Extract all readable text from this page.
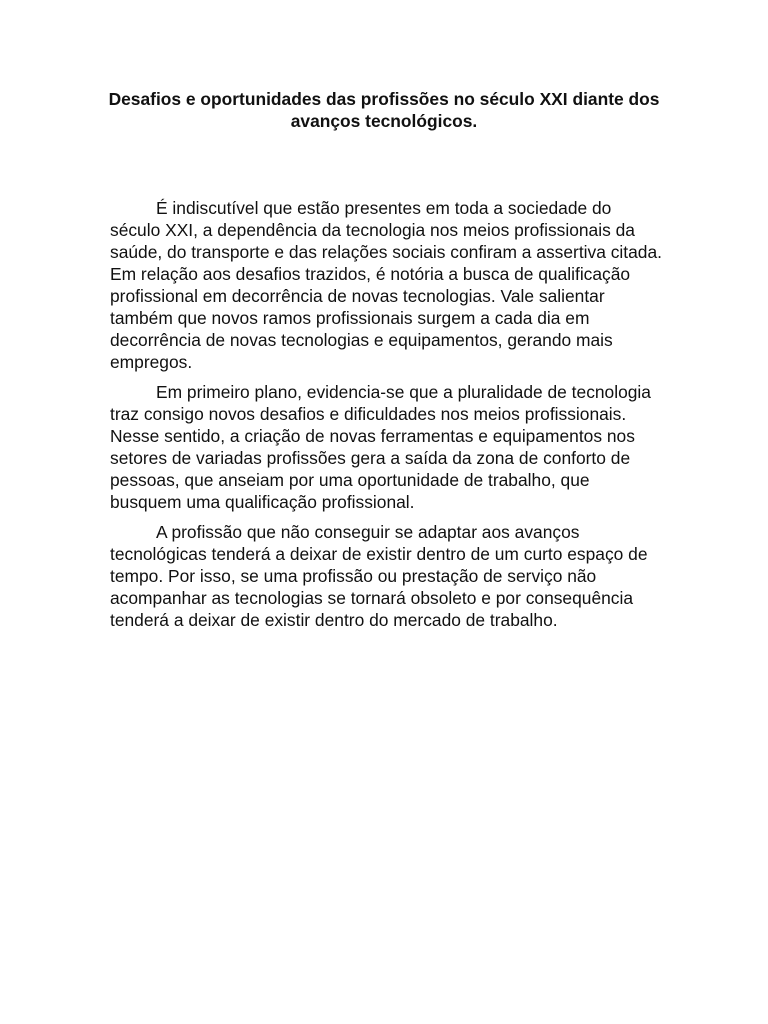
Desafios e oportunidades das profissões no século XXI diante dos avanços tecnológicos.

É indiscutível que estão presentes em toda a sociedade do século XXI, a dependência da tecnologia nos meios profissionais da saúde, do transporte e das relações sociais confiram a assertiva citada. Em relação aos desafios trazidos, é notória a busca de qualificação profissional em decorrência de novas tecnologias. Vale salientar também que novos ramos profissionais surgem a cada dia em decorrência de novas tecnologias e equipamentos, gerando mais empregos.

Em primeiro plano, evidencia-se que a pluralidade de tecnologia traz consigo novos desafios e dificuldades nos meios profissionais. Nesse sentido, a criação de novas ferramentas e equipamentos nos setores de variadas profissões gera a saída da zona de conforto de pessoas, que anseiam por uma oportunidade de trabalho, que busquem uma qualificação profissional.

A profissão que não conseguir se adaptar aos avanços tecnológicas tenderá a deixar de existir dentro de um curto espaço de tempo. Por isso, se uma profissão ou prestação de serviço não acompanhar as tecnologias se tornará obsoleto e por consequência tenderá a deixar de existir dentro do mercado de trabalho.
